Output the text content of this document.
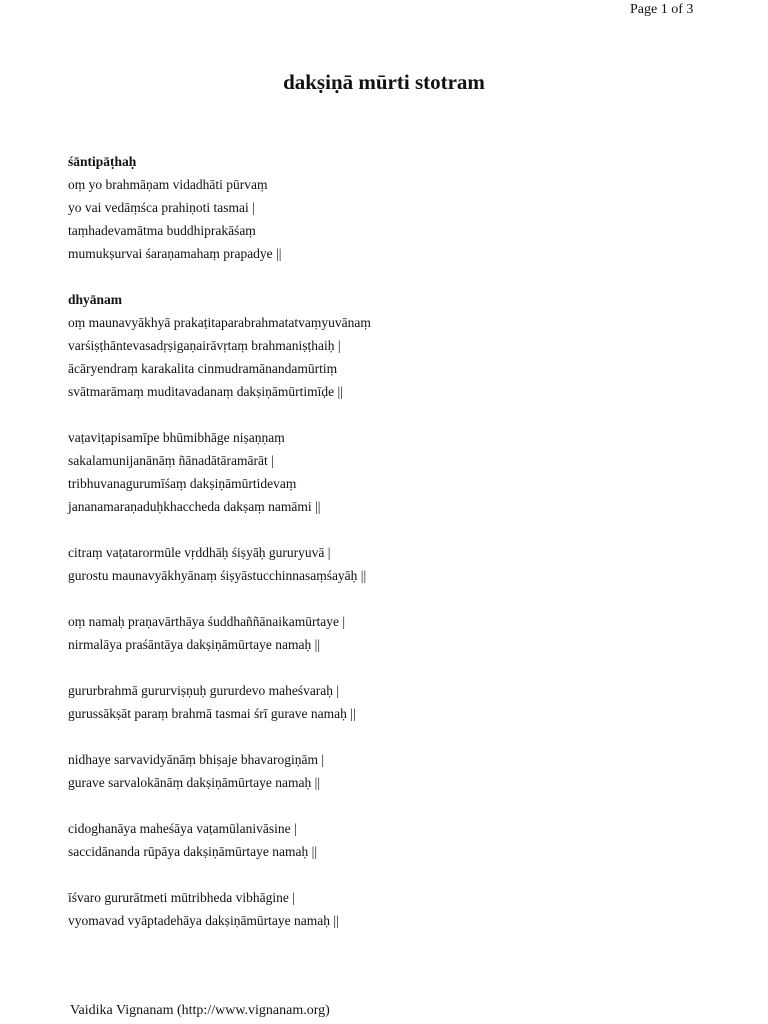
Page 1 of 3
dakṣiṇā mūrti stotram
śāntipāṭhaḥ
oṃ yo brahmāṇam vidadhāti pūrvaṃ
yo vai vedāṃśca prahiṇoti tasmai |
taṃhadevamātma buddhiprakāśaṃ
mumukṣurvai śaraṇamahaṃ prapadye ||
dhyānam
oṃ maunavyākhyā prakaṭitaparabrahmatatvaṃyuvānaṃ
varśiṣṭhāntevasadṛṣigaṇairāvṛtaṃ brahmaniṣṭhaiḥ |
ācāryendraṃ karakalita cinmudramānandamūrtiṃ
svātmarāmaṃ muditavadanaṃ dakṣiṇāmūrtimīḍe ||
vaṭaviṭapisamīpe bhūmibhāge niṣaṇṇaṃ
sakalamunijanānāṃ ñānadātāramārāt |
tribhuvanagurumīśaṃ dakṣiṇāmūrtidevaṃ
jananamaraṇaduḥkhaccheda dakṣaṃ namāmi ||
citraṃ vaṭatarormūle vṛddhāḥ śiṣyāḥ gururyuvā |
gurostu maunavyākhyānaṃ śiṣyāstucchinnasaṃśayāḥ ||
oṃ namaḥ praṇavārthāya śuddhaññānaikamūrtaye |
nirmalāya praśāntāya dakṣiṇāmūrtaye namaḥ ||
gururbrahmā gururviṣṇuḥ gururdevo maheśvaraḥ |
gurussākṣāt paraṃ brahmā tasmai śrī gurave namaḥ ||
nidhaye sarvavidyānāṃ bhiṣaje bhavarogiṇām |
gurave sarvalokānāṃ dakṣiṇāmūrtaye namaḥ ||
cidoghanāya maheśāya vaṭamūlanivāsine |
saccidānanda rūpāya dakṣiṇāmūrtaye namaḥ ||
īśvaro gururātmeti mūtribheda vibhāgine |
vyomavad vyāptadehāya dakṣiṇāmūrtaye namaḥ ||
Vaidika Vignanam (http://www.vignanam.org)
